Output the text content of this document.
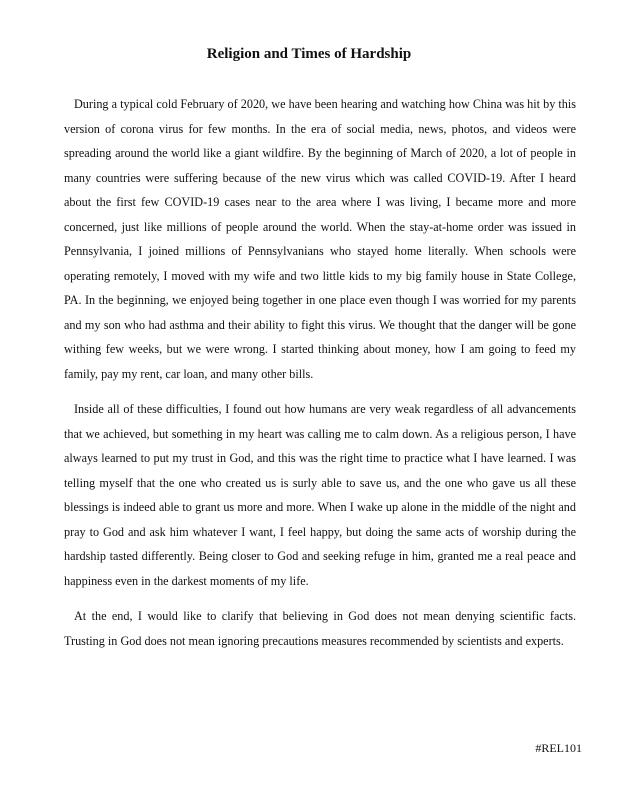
Religion and Times of Hardship

During a typical cold February of 2020, we have been hearing and watching how China was hit by this version of corona virus for few months. In the era of social media, news, photos, and videos were spreading around the world like a giant wildfire. By the beginning of March of 2020, a lot of people in many countries were suffering because of the new virus which was called COVID-19. After I heard about the first few COVID-19 cases near to the area where I was living, I became more and more concerned, just like millions of people around the world. When the stay-at-home order was issued in Pennsylvania, I joined millions of Pennsylvanians who stayed home literally. When schools were operating remotely, I moved with my wife and two little kids to my big family house in State College, PA. In the beginning, we enjoyed being together in one place even though I was worried for my parents and my son who had asthma and their ability to fight this virus. We thought that the danger will be gone withing few weeks, but we were wrong. I started thinking about money, how I am going to feed my family, pay my rent, car loan, and many other bills.

Inside all of these difficulties, I found out how humans are very weak regardless of all advancements that we achieved, but something in my heart was calling me to calm down. As a religious person, I have always learned to put my trust in God, and this was the right time to practice what I have learned. I was telling myself that the one who created us is surly able to save us, and the one who gave us all these blessings is indeed able to grant us more and more. When I wake up alone in the middle of the night and pray to God and ask him whatever I want, I feel happy, but doing the same acts of worship during the hardship tasted differently. Being closer to God and seeking refuge in him, granted me a real peace and happiness even in the darkest moments of my life.

At the end, I would like to clarify that believing in God does not mean denying scientific facts. Trusting in God does not mean ignoring precautions measures recommended by scientists and experts.

#REL101
